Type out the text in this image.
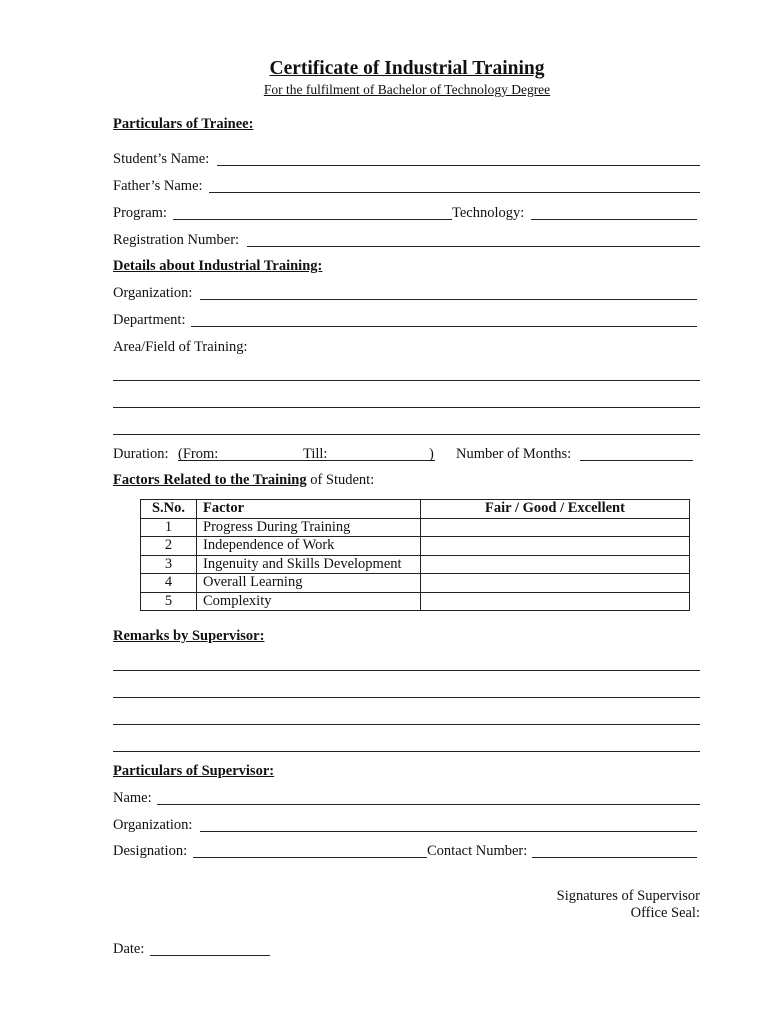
Certificate of Industrial Training
For the fulfilment of Bachelor of Technology Degree
Particulars of Trainee:
Student’s Name:
Father’s Name:
Program:	Technology:
Registration Number:
Details about Industrial Training:
Organization:
Department:
Area/Field of Training:
Duration: (From:	Till:	) Number of Months:
Factors Related to the Training of Student:
S.No.	Factor	Fair / Good / Excellent
1	Progress During Training	
2	Independence of Work	
3	Ingenuity and Skills Development	
4	Overall Learning	
5	Complexity	
Remarks by Supervisor:
Particulars of Supervisor:
Name:
Organization:
Designation:	Contact Number:
Signatures of Supervisor
Office Seal:
Date:
